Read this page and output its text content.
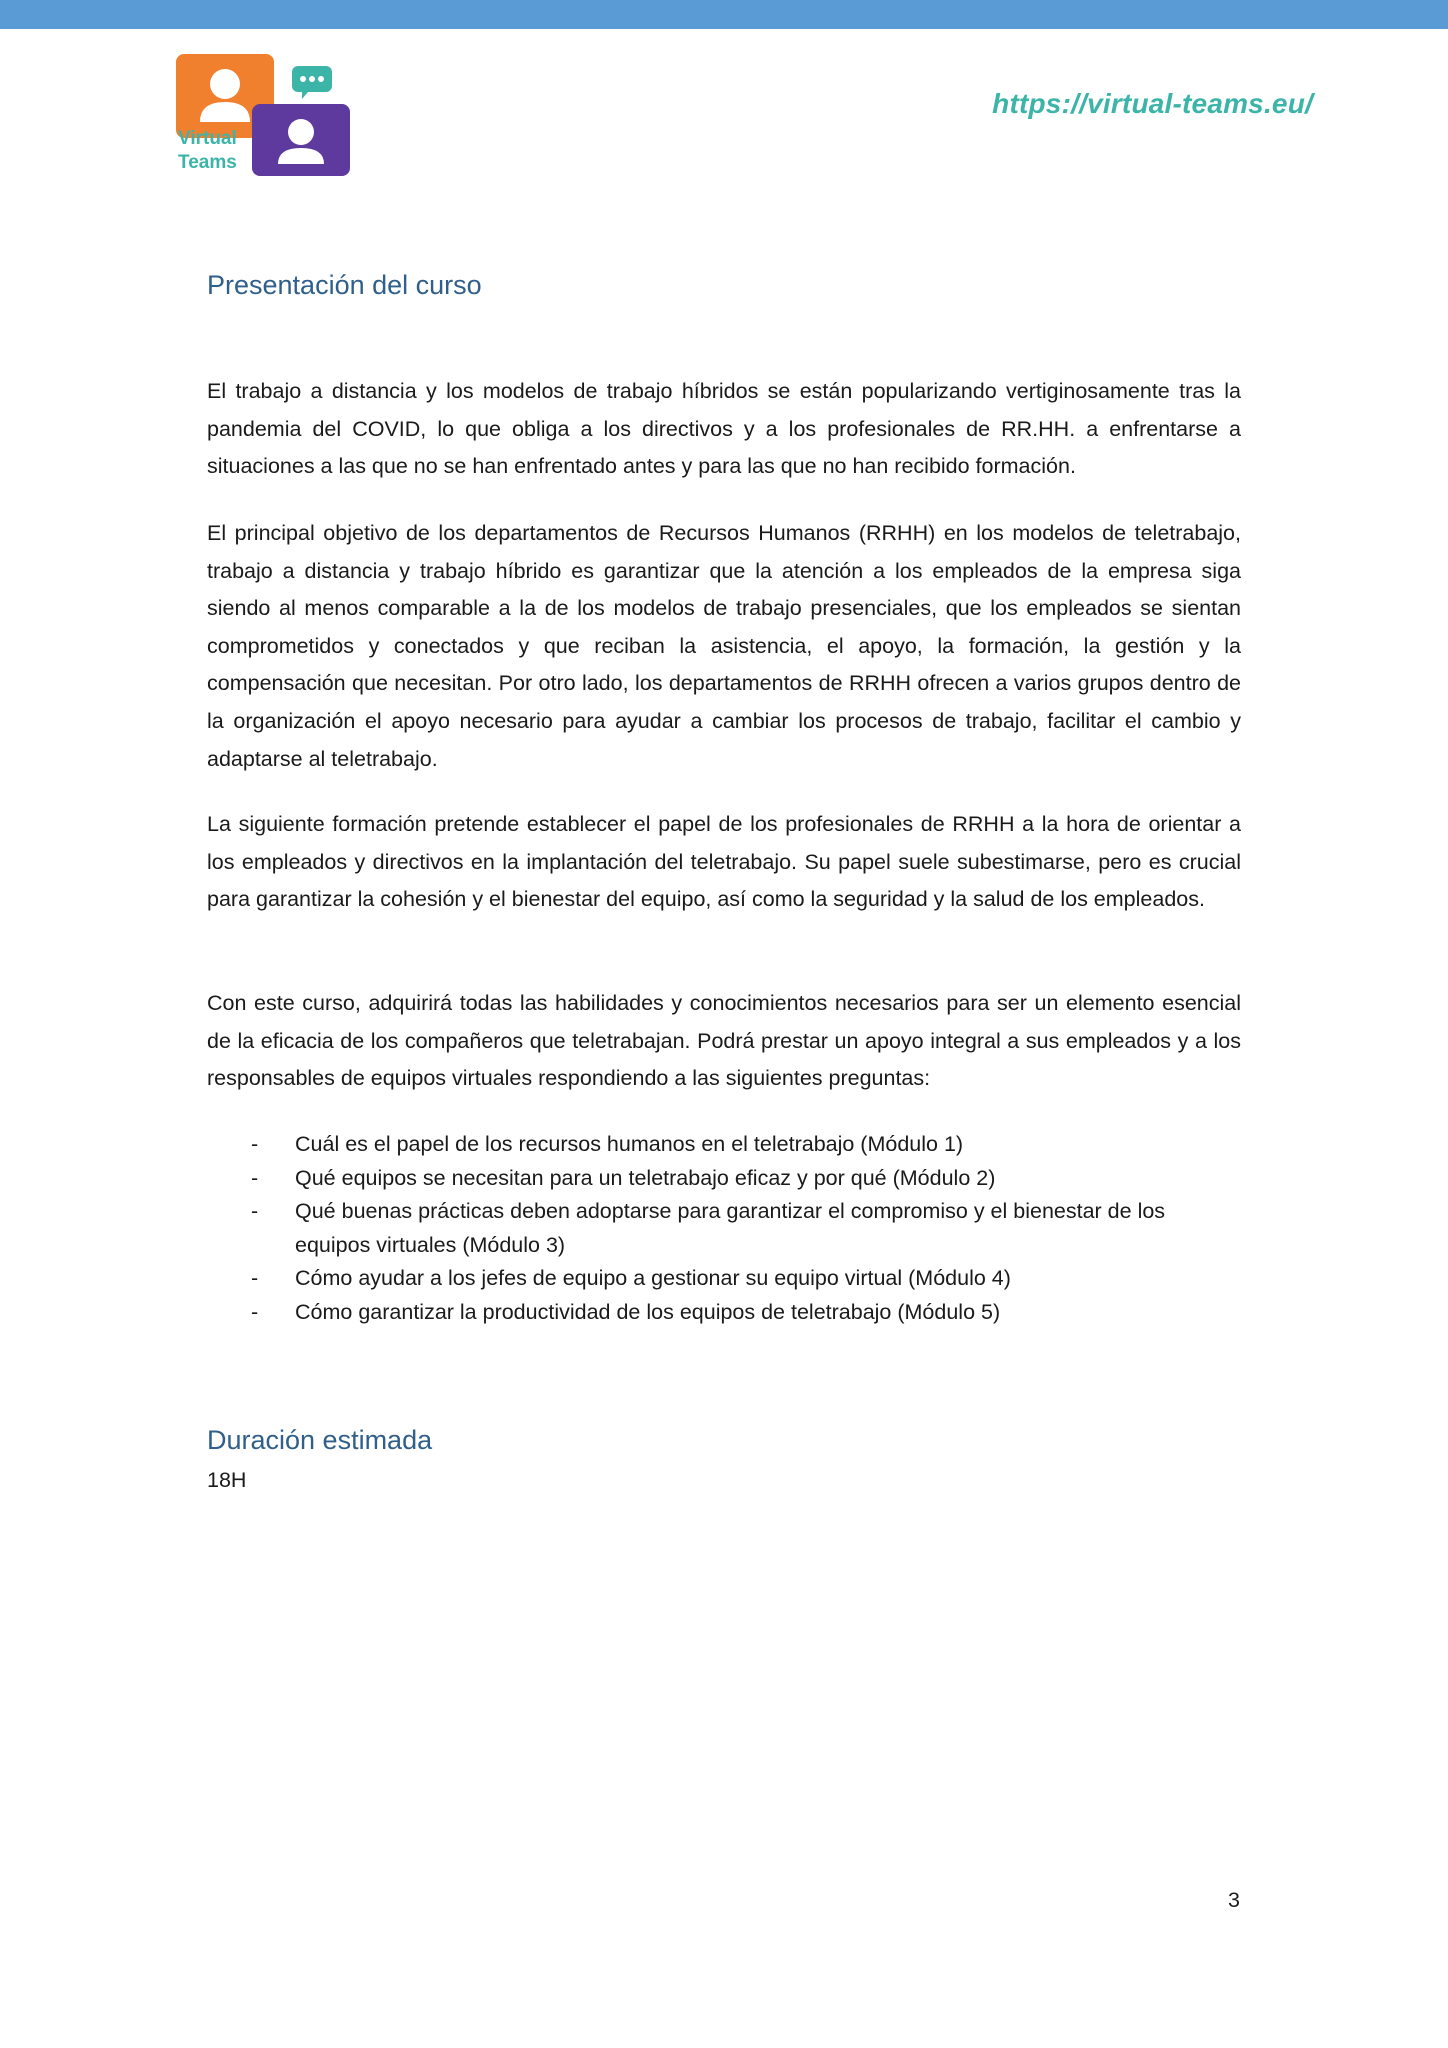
Virtual
Teams
https://virtual-teams.eu/
Presentación del curso

El trabajo a distancia y los modelos de trabajo híbridos se están popularizando vertiginosamente tras la pandemia del COVID, lo que obliga a los directivos y a los profesionales de RR.HH. a enfrentarse a situaciones a las que no se han enfrentado antes y para las que no han recibido formación.

El principal objetivo de los departamentos de Recursos Humanos (RRHH) en los modelos de teletrabajo, trabajo a distancia y trabajo híbrido es garantizar que la atención a los empleados de la empresa siga siendo al menos comparable a la de los modelos de trabajo presenciales, que los empleados se sientan comprometidos y conectados y que reciban la asistencia, el apoyo, la formación, la gestión y la compensación que necesitan. Por otro lado, los departamentos de RRHH ofrecen a varios grupos dentro de la organización el apoyo necesario para ayudar a cambiar los procesos de trabajo, facilitar el cambio y adaptarse al teletrabajo.

La siguiente formación pretende establecer el papel de los profesionales de RRHH a la hora de orientar a los empleados y directivos en la implantación del teletrabajo. Su papel suele subestimarse, pero es crucial para garantizar la cohesión y el bienestar del equipo, así como la seguridad y la salud de los empleados.

Con este curso, adquirirá todas las habilidades y conocimientos necesarios para ser un elemento esencial de la eficacia de los compañeros que teletrabajan. Podrá prestar un apoyo integral a sus empleados y a los responsables de equipos virtuales respondiendo a las siguientes preguntas:

- Cuál es el papel de los recursos humanos en el teletrabajo (Módulo 1)
- Qué equipos se necesitan para un teletrabajo eficaz y por qué (Módulo 2)
- Qué buenas prácticas deben adoptarse para garantizar el compromiso y el bienestar de los equipos virtuales (Módulo 3)
- Cómo ayudar a los jefes de equipo a gestionar su equipo virtual (Módulo 4)
- Cómo garantizar la productividad de los equipos de teletrabajo (Módulo 5)
Duración estimada
18H
3
